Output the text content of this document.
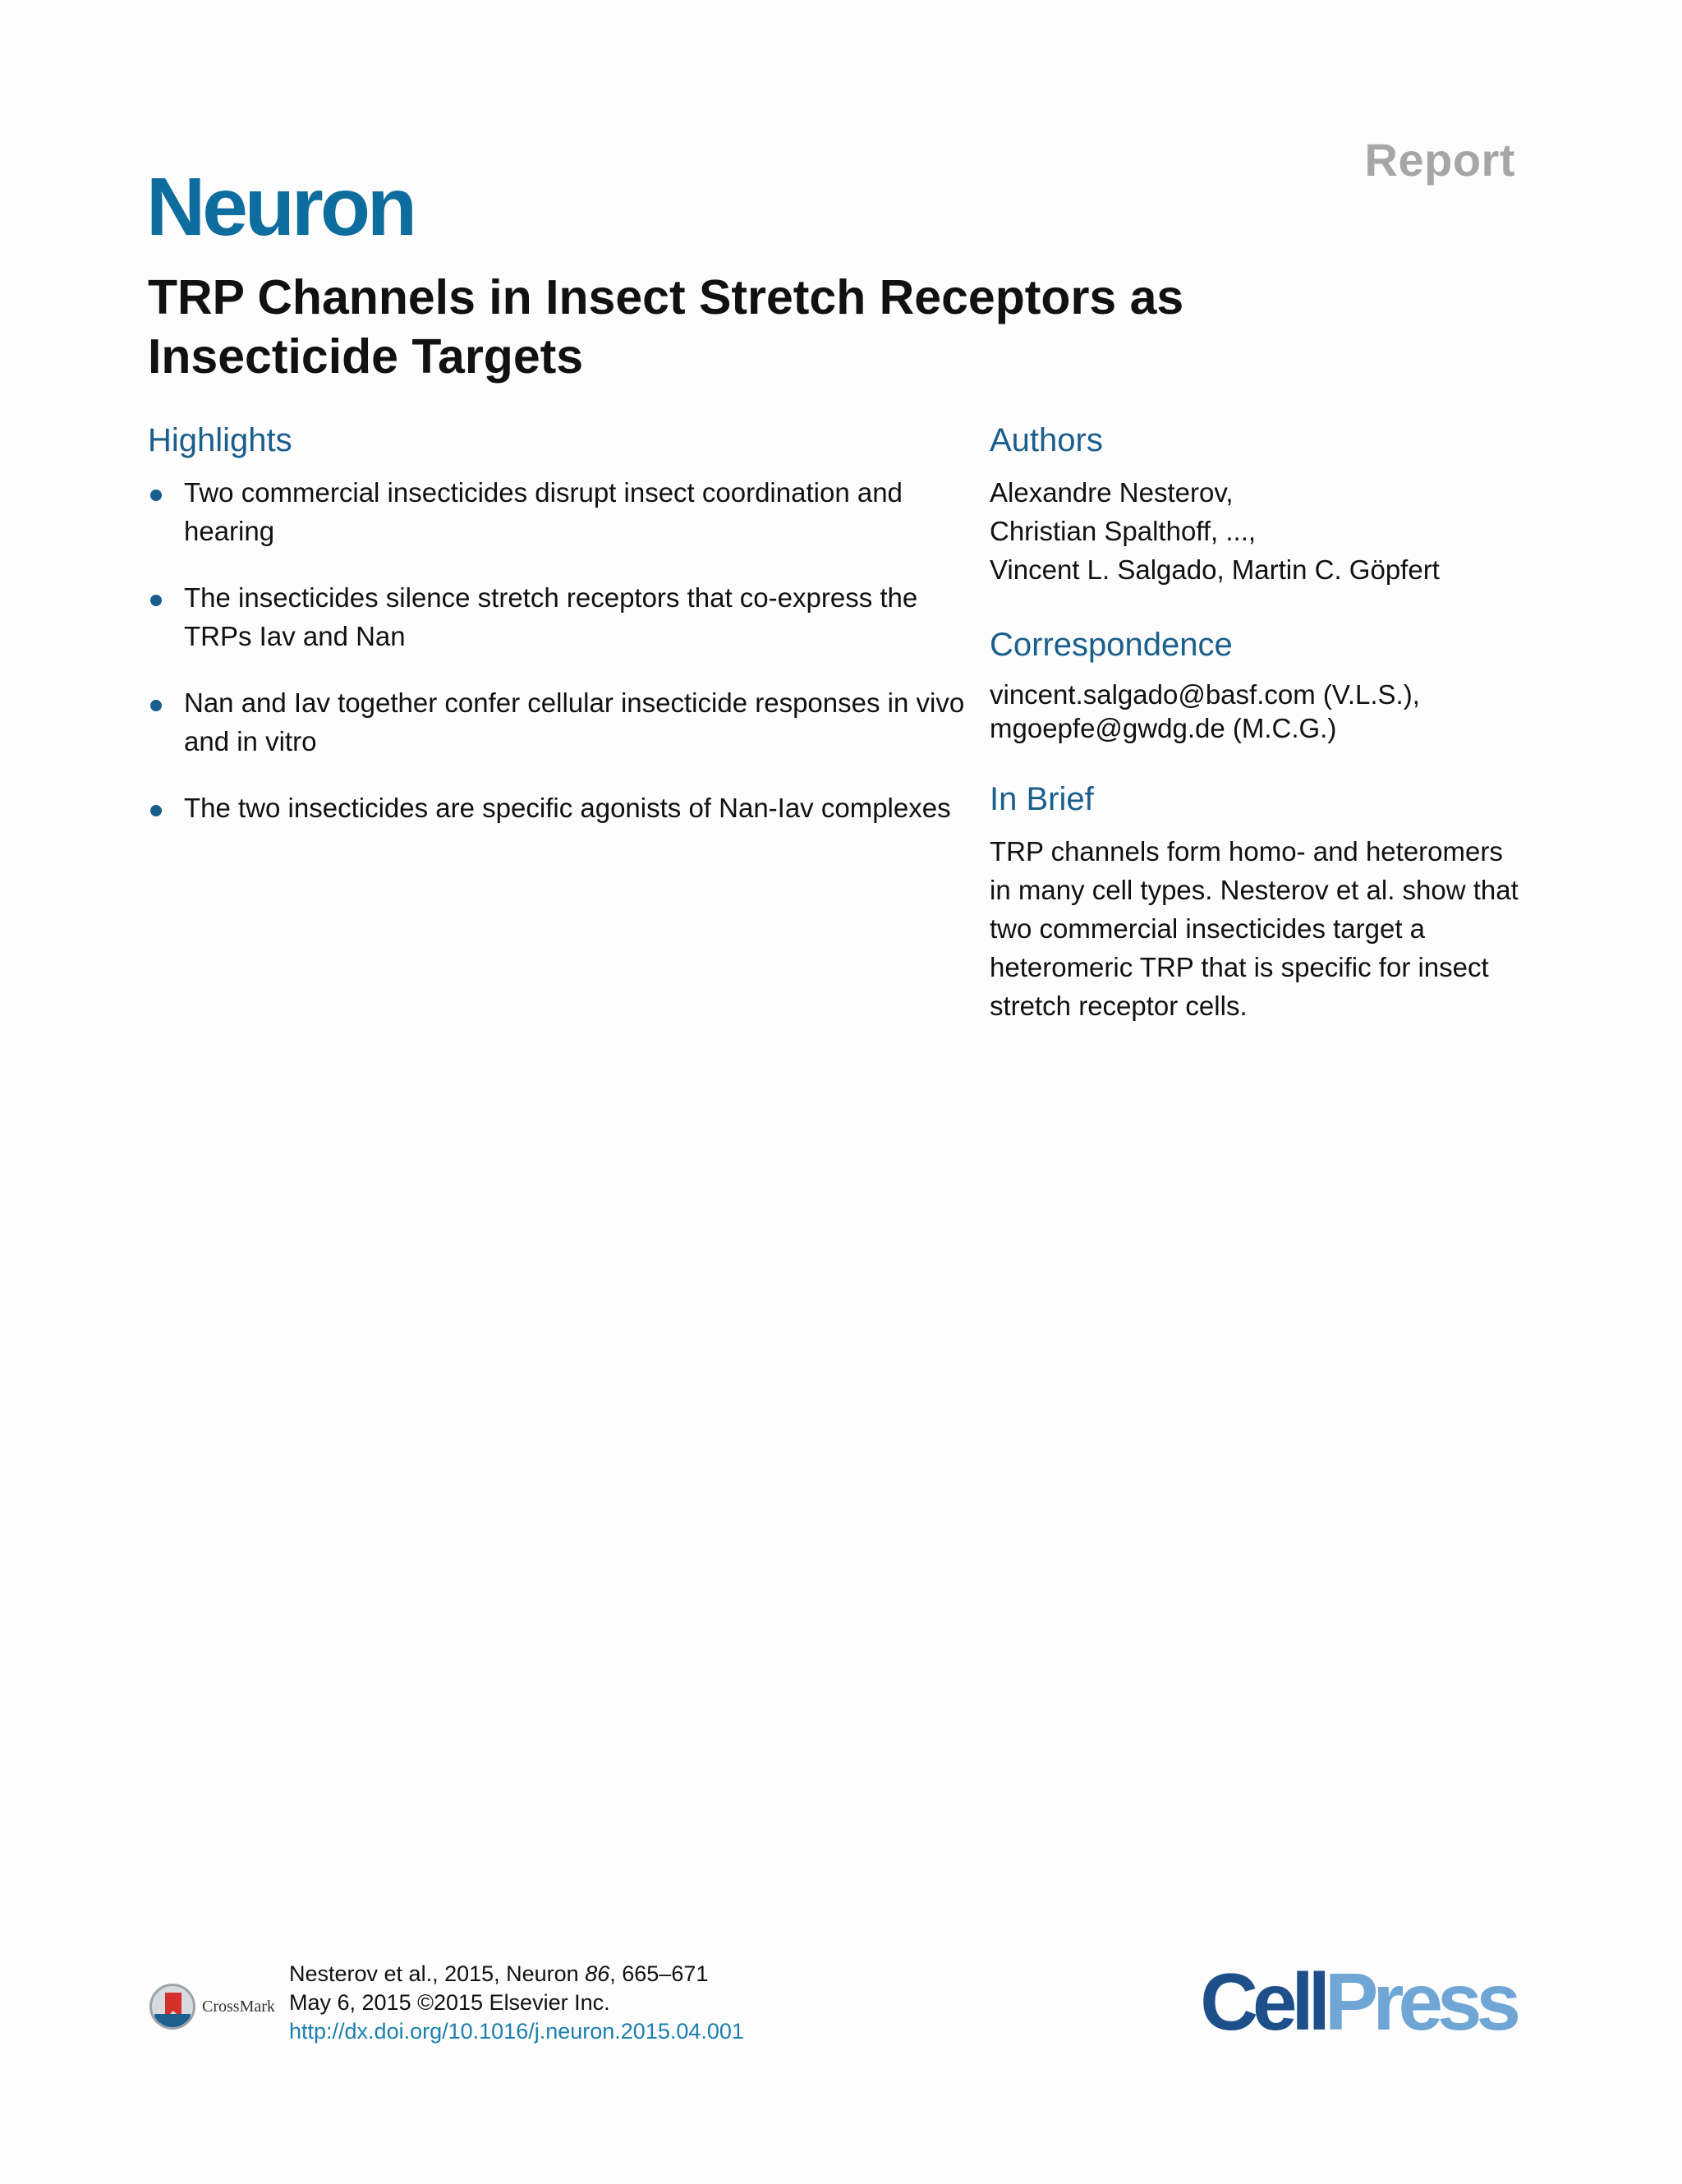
Report
Neuron
TRP Channels in Insect Stretch Receptors as
Insecticide Targets
Highlights
Two commercial insecticides disrupt insect coordination and hearing
The insecticides silence stretch receptors that co-express the TRPs Iav and Nan
Nan and Iav together confer cellular insecticide responses in vivo and in vitro
The two insecticides are specific agonists of Nan-Iav complexes
Authors

Alexandre Nesterov,

Christian Spalthoff, ...,

Vincent L. Salgado, Martin C. Göpfert

Correspondence

vincent.salgado@basf.com (V.L.S.),

mgoepfe@gwdg.de (M.C.G.)

In Brief

TRP channels form homo- and heteromers in many cell types. Nesterov et al. show that two commercial insecticides target a heteromeric TRP that is specific for insect stretch receptor cells.

CrossMark
Nesterov et al., 2015, Neuron 86, 665–671
May 6, 2015 ©2015 Elsevier Inc.
http://dx.doi.org/10.1016/j.neuron.2015.04.001	CellPress
